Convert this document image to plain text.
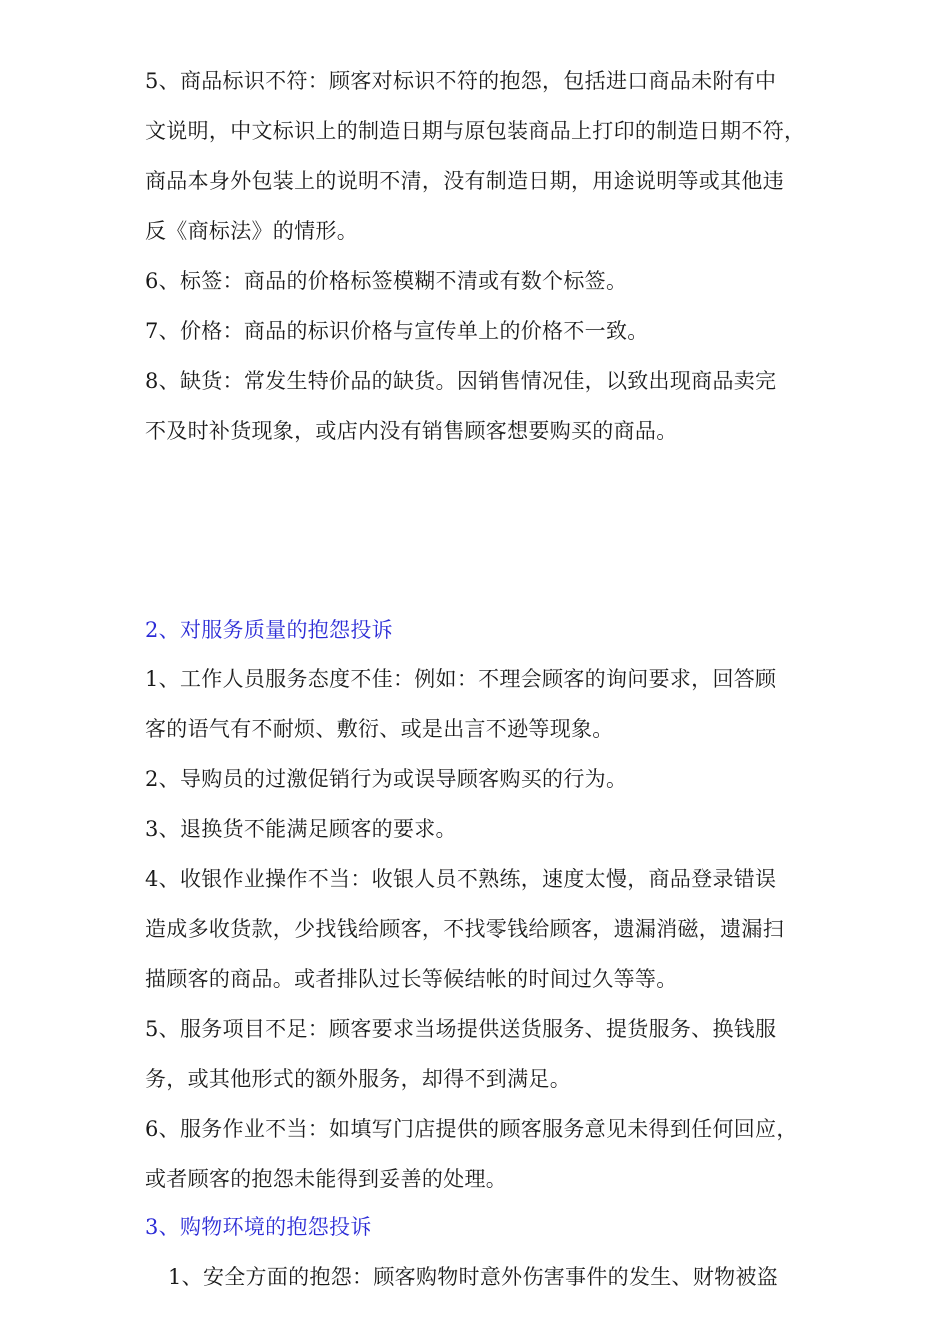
5、商品标识不符：顾客对标识不符的抱怨，包括进口商品未附有中
文说明，中文标识上的制造日期与原包装商品上打印的制造日期不符，
商品本身外包装上的说明不清，没有制造日期，用途说明等或其他违
反《商标法》的情形。
6、标签：商品的价格标签模糊不清或有数个标签。
7、价格：商品的标识价格与宣传单上的价格不一致。
8、缺货：常发生特价品的缺货。因销售情况佳，以致出现商品卖完
不及时补货现象，或店内没有销售顾客想要购买的商品。
2、对服务质量的抱怨投诉
1、工作人员服务态度不佳：例如：不理会顾客的询问要求，回答顾
客的语气有不耐烦、敷衍、或是出言不逊等现象。
2、导购员的过激促销行为或误导顾客购买的行为。
3、退换货不能满足顾客的要求。
4、收银作业操作不当：收银人员不熟练，速度太慢，商品登录错误
造成多收货款，少找钱给顾客，不找零钱给顾客，遗漏消磁，遗漏扫
描顾客的商品。或者排队过长等候结帐的时间过久等等。
5、服务项目不足：顾客要求当场提供送货服务、提货服务、换钱服
务，或其他形式的额外服务，却得不到满足。
6、服务作业不当：如填写门店提供的顾客服务意见未得到任何回应，
或者顾客的抱怨未能得到妥善的处理。
3、购物环境的抱怨投诉
1、安全方面的抱怨：顾客购物时意外伤害事件的发生、财物被盗
